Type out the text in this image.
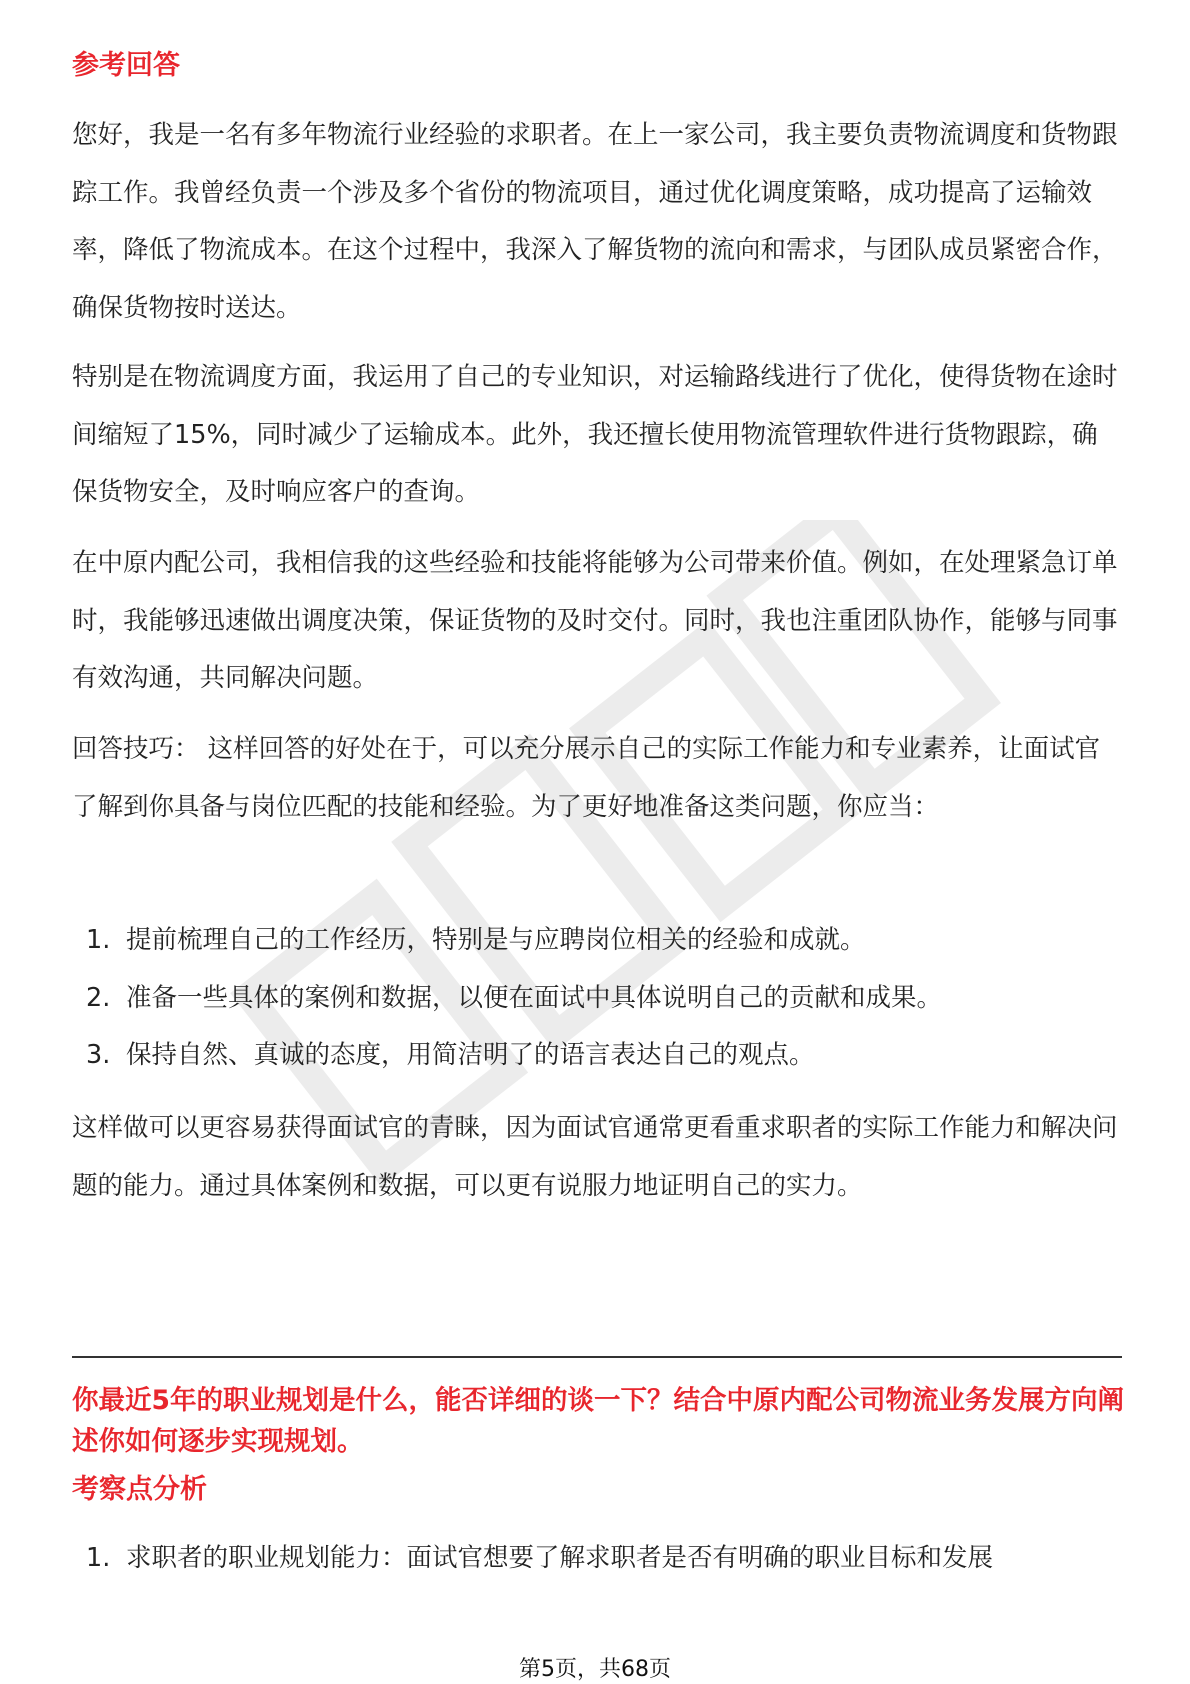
参考回答

您好，我是一名有多年物流行业经验的求职者。在上一家公司，我主要负责物流调度和货物跟踪工作。我曾经负责一个涉及多个省份的物流项目，通过优化调度策略，成功提高了运输效率，降低了物流成本。在这个过程中，我深入了解货物的流向和需求，与团队成员紧密合作，确保货物按时送达。

特别是在物流调度方面，我运用了自己的专业知识，对运输路线进行了优化，使得货物在途时间缩短了15%，同时减少了运输成本。此外，我还擅长使用物流管理软件进行货物跟踪，确保货物安全，及时响应客户的查询。

在中原内配公司，我相信我的这些经验和技能将能够为公司带来价值。例如，在处理紧急订单时，我能够迅速做出调度决策，保证货物的及时交付。同时，我也注重团队协作，能够与同事有效沟通，共同解决问题。

回答技巧： 这样回答的好处在于，可以充分展示自己的实际工作能力和专业素养，让面试官了解到你具备与岗位匹配的技能和经验。为了更好地准备这类问题，你应当：

1. 提前梳理自己的工作经历，特别是与应聘岗位相关的经验和成就。
2. 准备一些具体的案例和数据，以便在面试中具体说明自己的贡献和成果。
3. 保持自然、真诚的态度，用简洁明了的语言表达自己的观点。

这样做可以更容易获得面试官的青睐，因为面试官通常更看重求职者的实际工作能力和解决问题的能力。通过具体案例和数据，可以更有说服力地证明自己的实力。

你最近5年的职业规划是什么，能否详细的谈一下？结合中原内配公司物流业务发展方向阐述你如何逐步实现规划。

考察点分析
1. 求职者的职业规划能力：面试官想要了解求职者是否有明确的职业目标和发展
第5页，共68页
